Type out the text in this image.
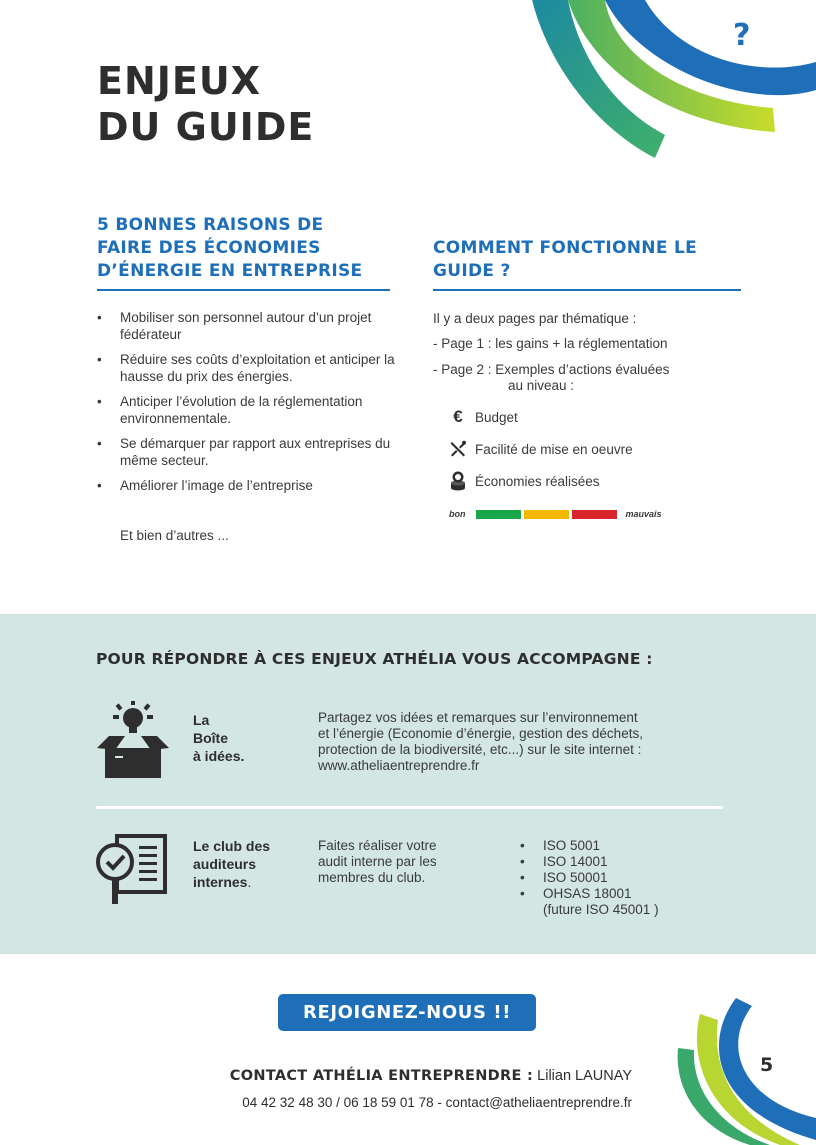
?
ENJEUX
DU GUIDE
5 BONNES RAISONS DE
FAIRE DES ÉCONOMIES
D’ÉNERGIE EN ENTREPRISE
• Mobiliser son personnel autour d’un projet fédérateur
• Réduire ses coûts d’exploitation et anticiper la hausse du prix des énergies.
• Anticiper l’évolution de la réglementation environnementale.
• Se démarquer par rapport aux entreprises du même secteur.
• Améliorer l’image de l’entreprise
Et bien d’autres ...
COMMENT FONCTIONNE LE
GUIDE ?
Il y a deux pages par thématique :
- Page 1 : les gains + la réglementation
- Page 2 : Exemples d’actions évaluées
au niveau :
€ Budget
Facilité de mise en oeuvre
Économies réalisées
bon	mauvais
POUR RÉPONDRE À CES ENJEUX ATHÉLIA VOUS ACCOMPAGNE :
La
Boîte
à idées.
Partagez vos idées et remarques sur l’environnement
et l’énergie (Economie d’énergie, gestion des déchets,
protection de la biodiversité, etc...) sur le site internet :
www.atheliaentreprendre.fr
Le club des
auditeurs
internes.
Faites réaliser votre
audit interne par les
membres du club.
• ISO 5001
• ISO 14001
• ISO 50001
• OHSAS 18001
(future ISO 45001 )
REJOIGNEZ-NOUS !!
CONTACT ATHÉLIA ENTREPRENDRE : Lilian LAUNAY
04 42 32 48 30 / 06 18 59 01 78 - contact@atheliaentreprendre.fr
5
